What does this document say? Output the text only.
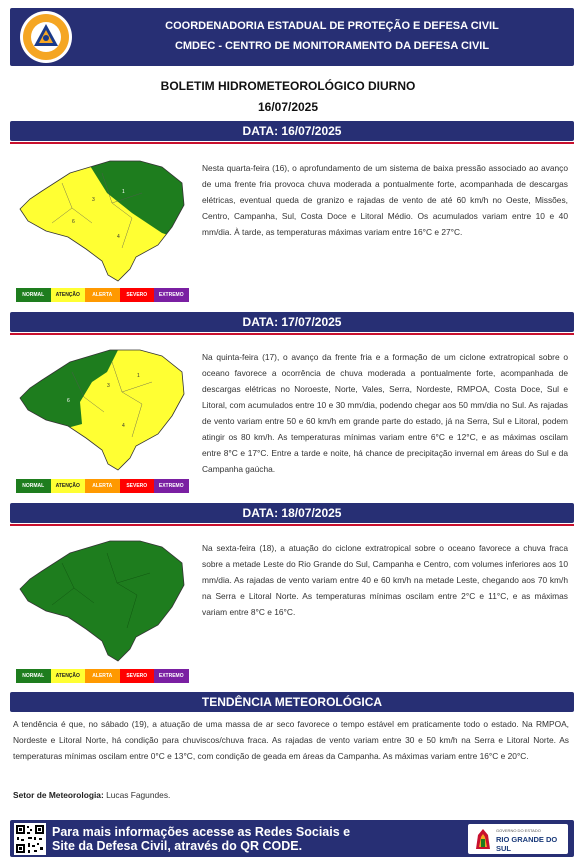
COORDENADORIA ESTADUAL DE PROTEÇÃO E DEFESA CIVIL
CMDEC - CENTRO DE MONITORAMENTO DA DEFESA CIVIL
BOLETIM HIDROMETEOROLÓGICO DIURNO
16/07/2025
DATA: 16/07/2025
3
1
6
4
NORMAL	ATENÇÃO	ALERTA	SEVERO	EXTREMO
Nesta quarta-feira (16), o aprofundamento de um sistema de baixa pressão associado ao avanço de uma frente fria provoca chuva moderada a pontualmente forte, acompanhada de descargas elétricas, eventual queda de granizo e rajadas de vento de até 60 km/h no Oeste, Missões, Centro, Campanha, Sul, Costa Doce e Litoral Médio. Os acumulados variam entre 10 e 40 mm/dia. À tarde, as temperaturas máximas variam entre 16°C e 27°C.
DATA: 17/07/2025
3
1
6
4
NORMAL	ATENÇÃO	ALERTA	SEVERO	EXTREMO
Na quinta-feira (17), o avanço da frente fria e a formação de um ciclone extratropical sobre o oceano favorece a ocorrência de chuva moderada a pontualmente forte, acompanhada de descargas elétricas no Noroeste, Norte, Vales, Serra, Nordeste, RMPOA, Costa Doce, Sul e Litoral, com acumulados entre 10 e 30 mm/dia, podendo chegar aos 50 mm/dia no Sul. As rajadas de vento variam entre 50 e 60 km/h em grande parte do estado, já na Serra, Sul e Litoral, podem atingir os 80 km/h. As temperaturas mínimas variam entre 6°C e 12°C, e as máximas oscilam entre 8°C e 17°C. Entre a tarde e noite, há chance de precipitação invernal em áreas do Sul e da Campanha gaúcha.
DATA: 18/07/2025
NORMAL	ATENÇÃO	ALERTA	SEVERO	EXTREMO
Na sexta-feira (18), a atuação do ciclone extratropical sobre o oceano favorece a chuva fraca sobre a metade Leste do Rio Grande do Sul, Campanha e Centro, com volumes inferiores aos 10 mm/dia. As rajadas de vento variam entre 40 e 60 km/h na metade Leste, chegando aos 70 km/h na Serra e Litoral Norte. As temperaturas mínimas oscilam entre 2°C e 11°C, e as máximas variam entre 8°C e 16°C.
TENDÊNCIA METEOROLÓGICA
A tendência é que, no sábado (19), a atuação de uma massa de ar seco favorece o tempo estável em praticamente todo o estado. Na RMPOA, Nordeste e Litoral Norte, há condição para chuviscos/chuva fraca. As rajadas de vento variam entre 30 e 50 km/h na Serra e Litoral Norte. As temperaturas mínimas oscilam entre 0°C e 13°C, com condição de geada em áreas da Campanha. As máximas variam entre 16°C e 20°C.
Setor de Meteorologia: Lucas Fagundes.
Para mais informações acesse as Redes Sociais e
Site da Defesa Civil, através do QR CODE.
GOVERNO DO ESTADO
RIO GRANDE DO SUL
